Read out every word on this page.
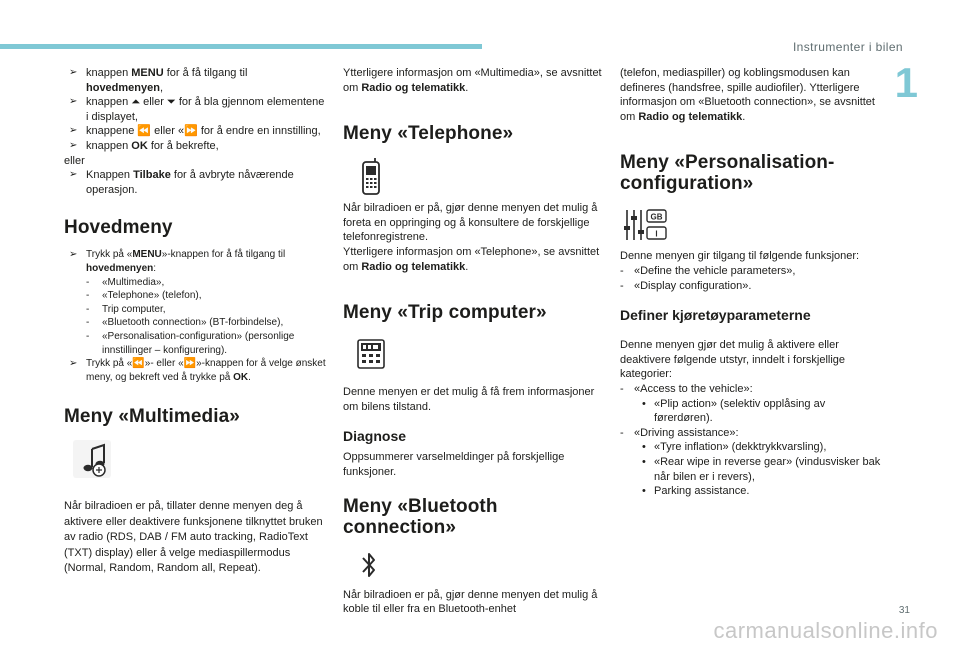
Instrumenter i bilen
1

➢ knappen MENU for å få tilgang til
hovedmenyen,

➢ knappen ⏶ eller ⏷ for å bla gjennom elementene i displayet,

➢ knappene ⏪ eller «⏩ for å endre en innstilling,

➢ knappen OK for å bekrefte,

eller

➢ Knappen Tilbake for å avbryte nåværende operasjon.

Hovedmeny

➢ Trykk på «MENU»-knappen for å få tilgang til
hovedmenyen:

- «Multimedia»,

- «Telephone» (telefon),

- Trip computer,

- «Bluetooth connection» (BT-forbindelse),

- «Personalisation-configuration» (personlige innstillinger – konfigurering).

➢ Trykk på «⏪»- eller «⏩»-knappen for å velge ønsket meny, og bekreft ved å trykke på OK.

Meny «Multimedia»

Når bilradioen er på, tillater denne menyen deg å aktivere eller deaktivere funksjonene tilknyttet bruken av radio (RDS, DAB / FM auto tracking, RadioText (TXT) display) eller å velge mediaspillermodus (Normal, Random, Random all, Repeat).

Ytterligere informasjon om «Multimedia», se avsnittet om Radio og telematikk.

Meny «Telephone»

Når bilradioen er på, gjør denne menyen det mulig å foreta en oppringing og å konsultere de forskjellige telefonregistrene.

Ytterligere informasjon om «Telephone», se avsnittet om Radio og telematikk.

Meny «Trip computer»

Denne menyen er det mulig å få frem informasjoner om bilens tilstand.

Diagnose

Oppsummerer varselmeldinger på forskjellige funksjoner.

Meny «Bluetooth connection»

Når bilradioen er på, gjør denne menyen det mulig å koble til eller fra en Bluetooth-enhet

(telefon, mediaspiller) og koblingsmodusen kan defineres (handsfree, spille audiofiler). Ytterligere informasjon om «Bluetooth connection», se avsnittet om Radio og telematikk.

Meny «Personalisation-configuration»
GB
I

Denne menyen gir tilgang til følgende funksjoner:

- «Define the vehicle parameters»,

- «Display configuration».

Definer kjøretøyparameterne

Denne menyen gjør det mulig å aktivere eller deaktivere følgende utstyr, inndelt i forskjellige kategorier:

- «Access to the vehicle»:

• «Plip action» (selektiv opplåsing av førerdøren).

- «Driving assistance»:

• «Tyre inflation» (dekktrykkvarsling),

• «Rear wipe in reverse gear» (vindusvisker bak når bilen er i revers),

• Parking assistance.

31
carmanualsonline.info
